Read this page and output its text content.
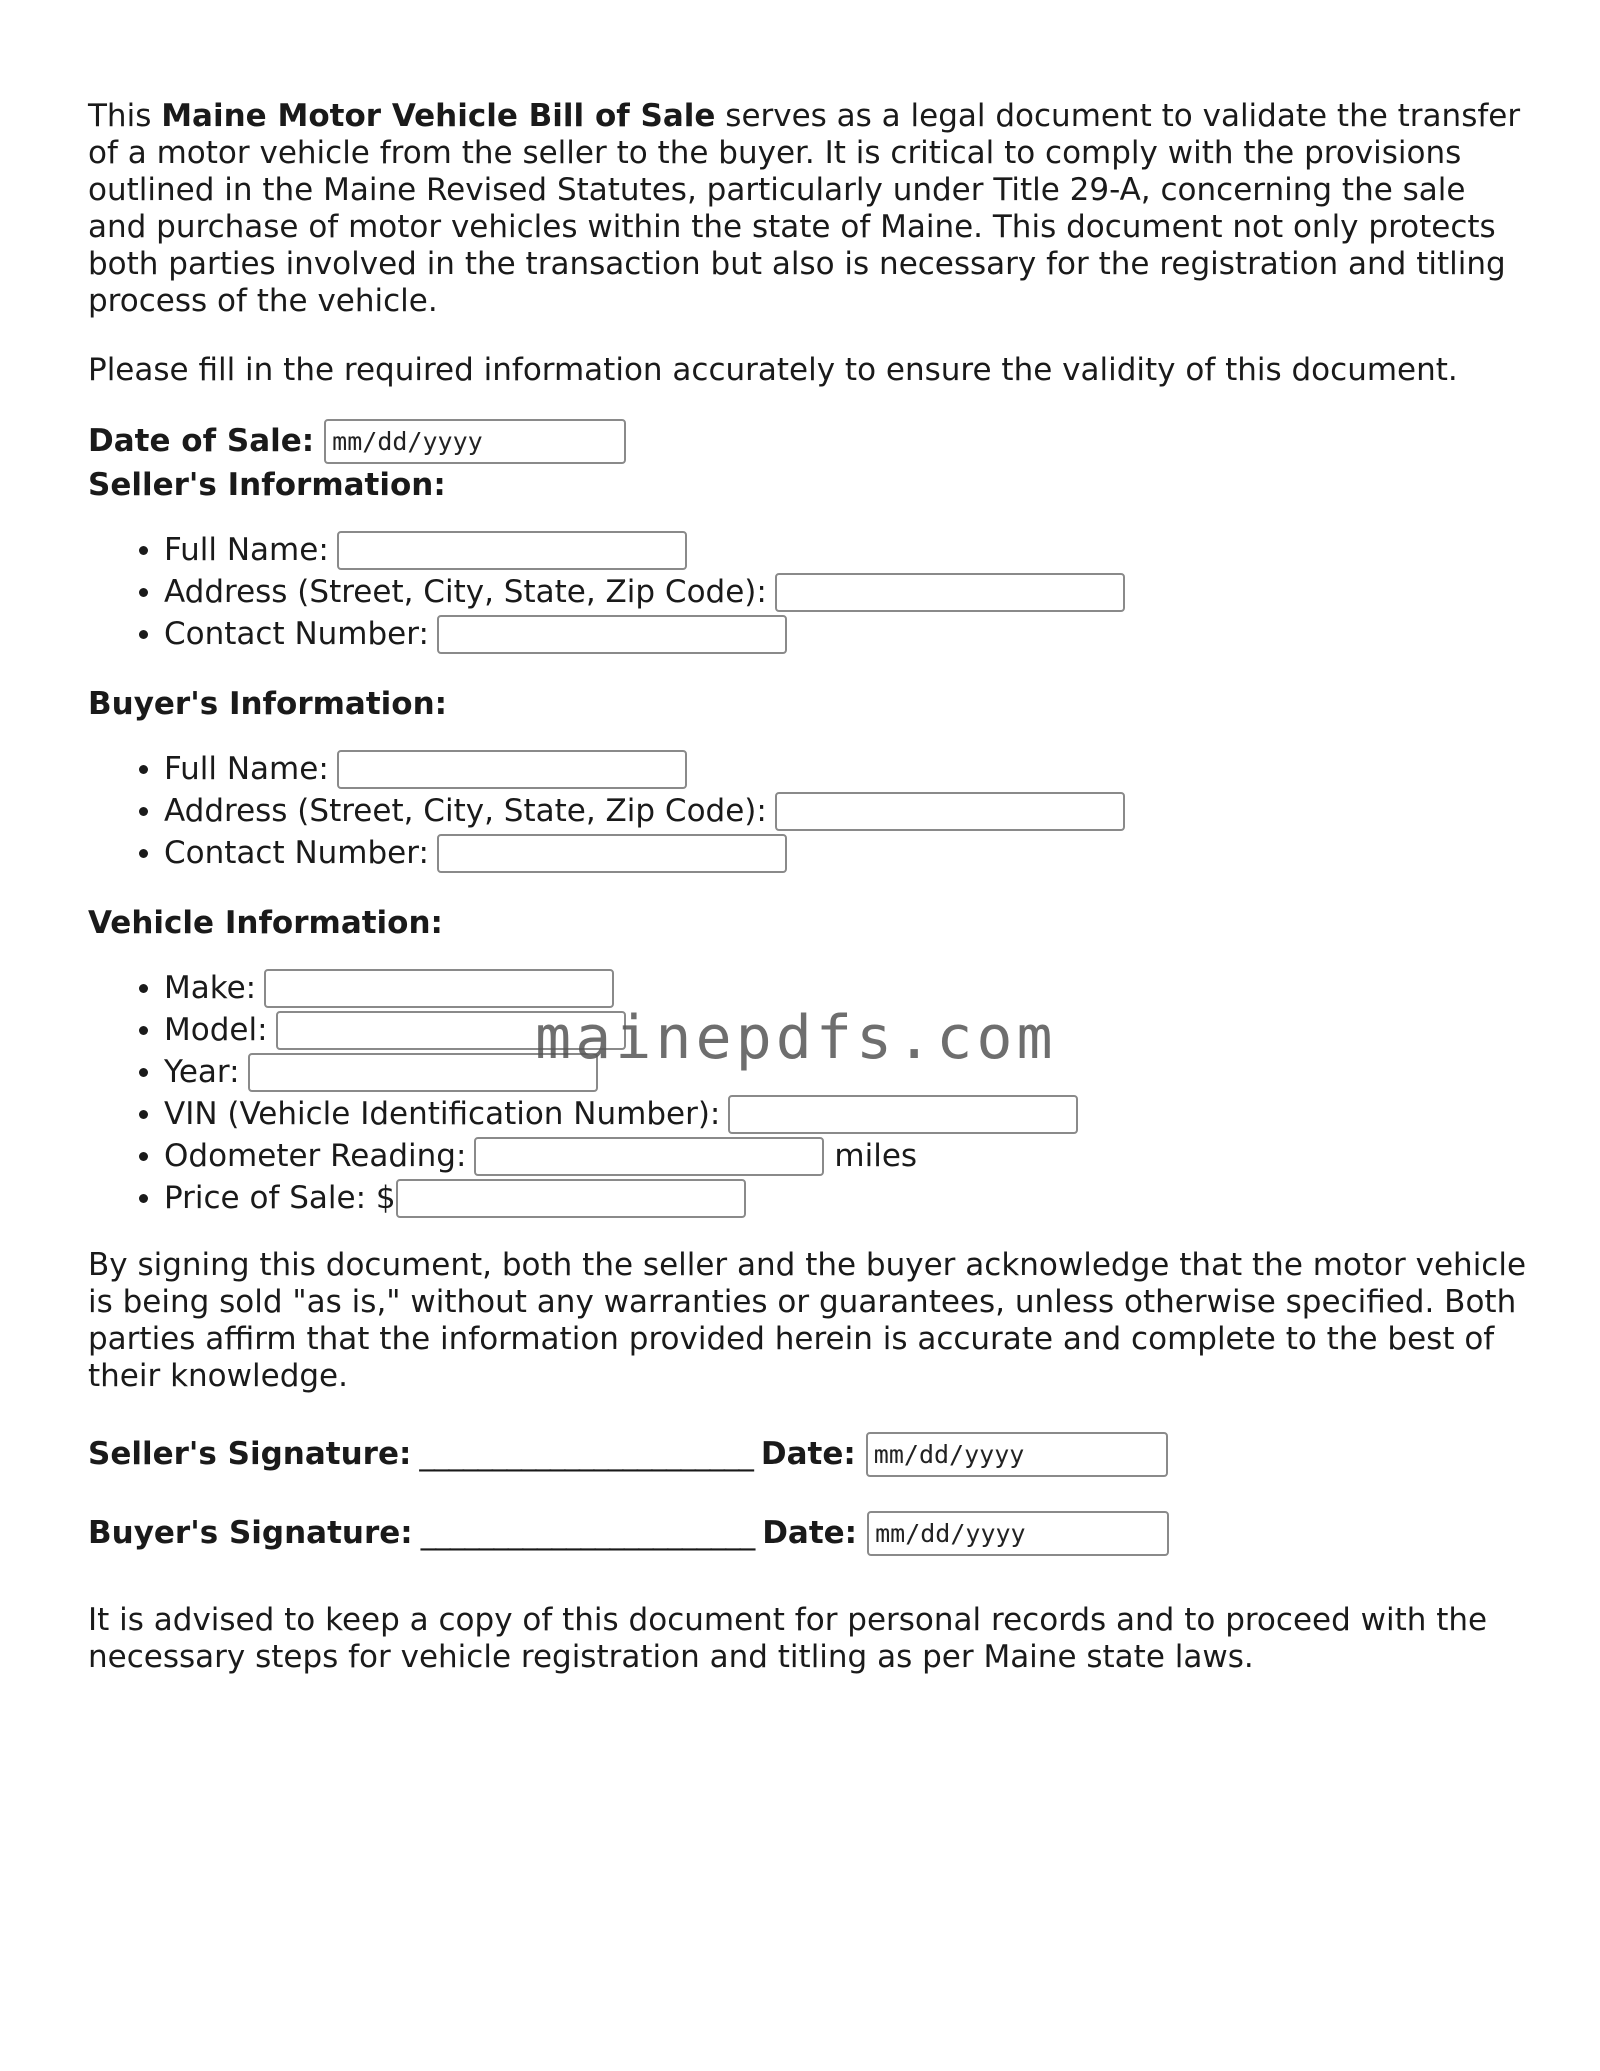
This Maine Motor Vehicle Bill of Sale serves as a legal document to validate the transfer of a motor vehicle from the seller to the buyer. It is critical to comply with the provisions outlined in the Maine Revised Statutes, particularly under Title 29-A, concerning the sale and purchase of motor vehicles within the state of Maine. This document not only protects both parties involved in the transaction but also is necessary for the registration and titling process of the vehicle.

Please fill in the required information accurately to ensure the validity of this document.

Date of Sale:
mm/dd/yyyy
Seller's Information:
• Full Name:
• Address (Street, City, State, Zip Code):
• Contact Number:
Buyer's Information:
• Full Name:
• Address (Street, City, State, Zip Code):
• Contact Number:
Vehicle Information:
• Make:
• Model:
• Year:
• VIN (Vehicle Identification Number):
• Odometer Reading:	miles
• Price of Sale: $

By signing this document, both the seller and the buyer acknowledge that the motor vehicle is being sold "as is," without any warranties or guarantees, unless otherwise specified. Both parties affirm that the information provided herein is accurate and complete to the best of their knowledge.

Seller's Signature: _______________________ Date:
mm/dd/yyyy
Buyer's Signature: _______________________ Date:
mm/dd/yyyy

It is advised to keep a copy of this document for personal records and to proceed with the necessary steps for vehicle registration and titling as per Maine state laws.

mainepdfs.com
